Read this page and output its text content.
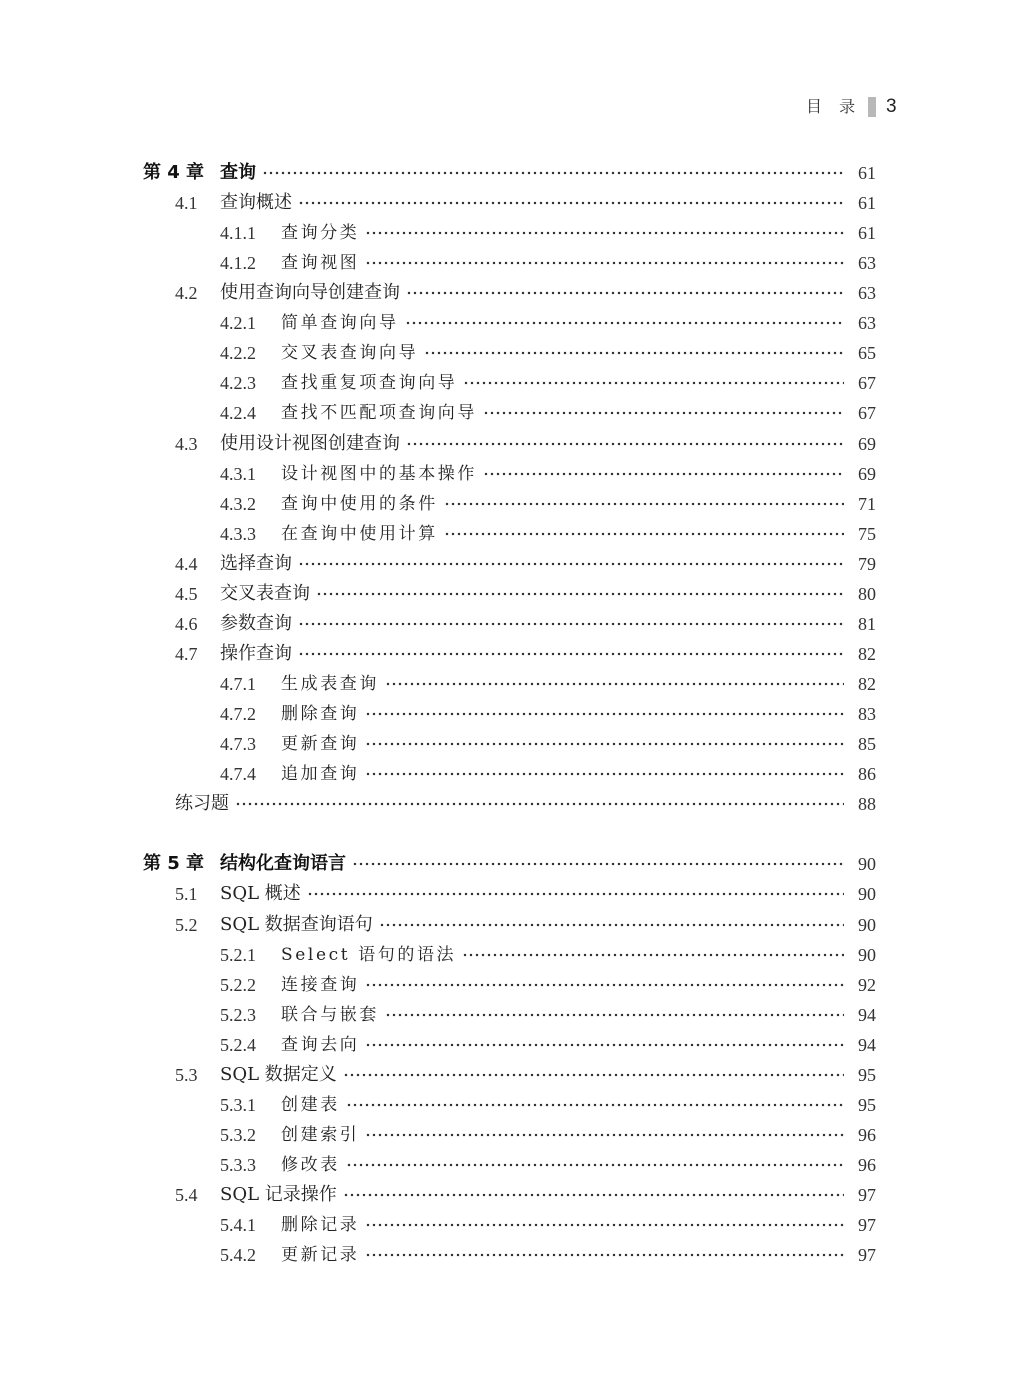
目 录 3
第 4 章 查询	61
4.1	查询概述	61
4.1.1	查询分类	61
4.1.2	查询视图	63
4.2	使用查询向导创建查询	63
4.2.1	简单查询向导	63
4.2.2	交叉表查询向导	65
4.2.3	查找重复项查询向导	67
4.2.4	查找不匹配项查询向导	67
4.3	使用设计视图创建查询	69
4.3.1	设计视图中的基本操作	69
4.3.2	查询中使用的条件	71
4.3.3	在查询中使用计算	75
4.4	选择查询	79
4.5	交叉表查询	80
4.6	参数查询	81
4.7	操作查询	82
4.7.1	生成表查询	82
4.7.2	删除查询	83
4.7.3	更新查询	85
4.7.4	追加查询	86
练习题	88
第 5 章 结构化查询语言	90
5.1	SQL 概述	90
5.2	SQL 数据查询语句	90
5.2.1	Select 语句的语法	90
5.2.2	连接查询	92
5.2.3	联合与嵌套	94
5.2.4	查询去向	94
5.3	SQL 数据定义	95
5.3.1	创建表	95
5.3.2	创建索引	96
5.3.3	修改表	96
5.4	SQL 记录操作	97
5.4.1	删除记录	97
5.4.2	更新记录	97
